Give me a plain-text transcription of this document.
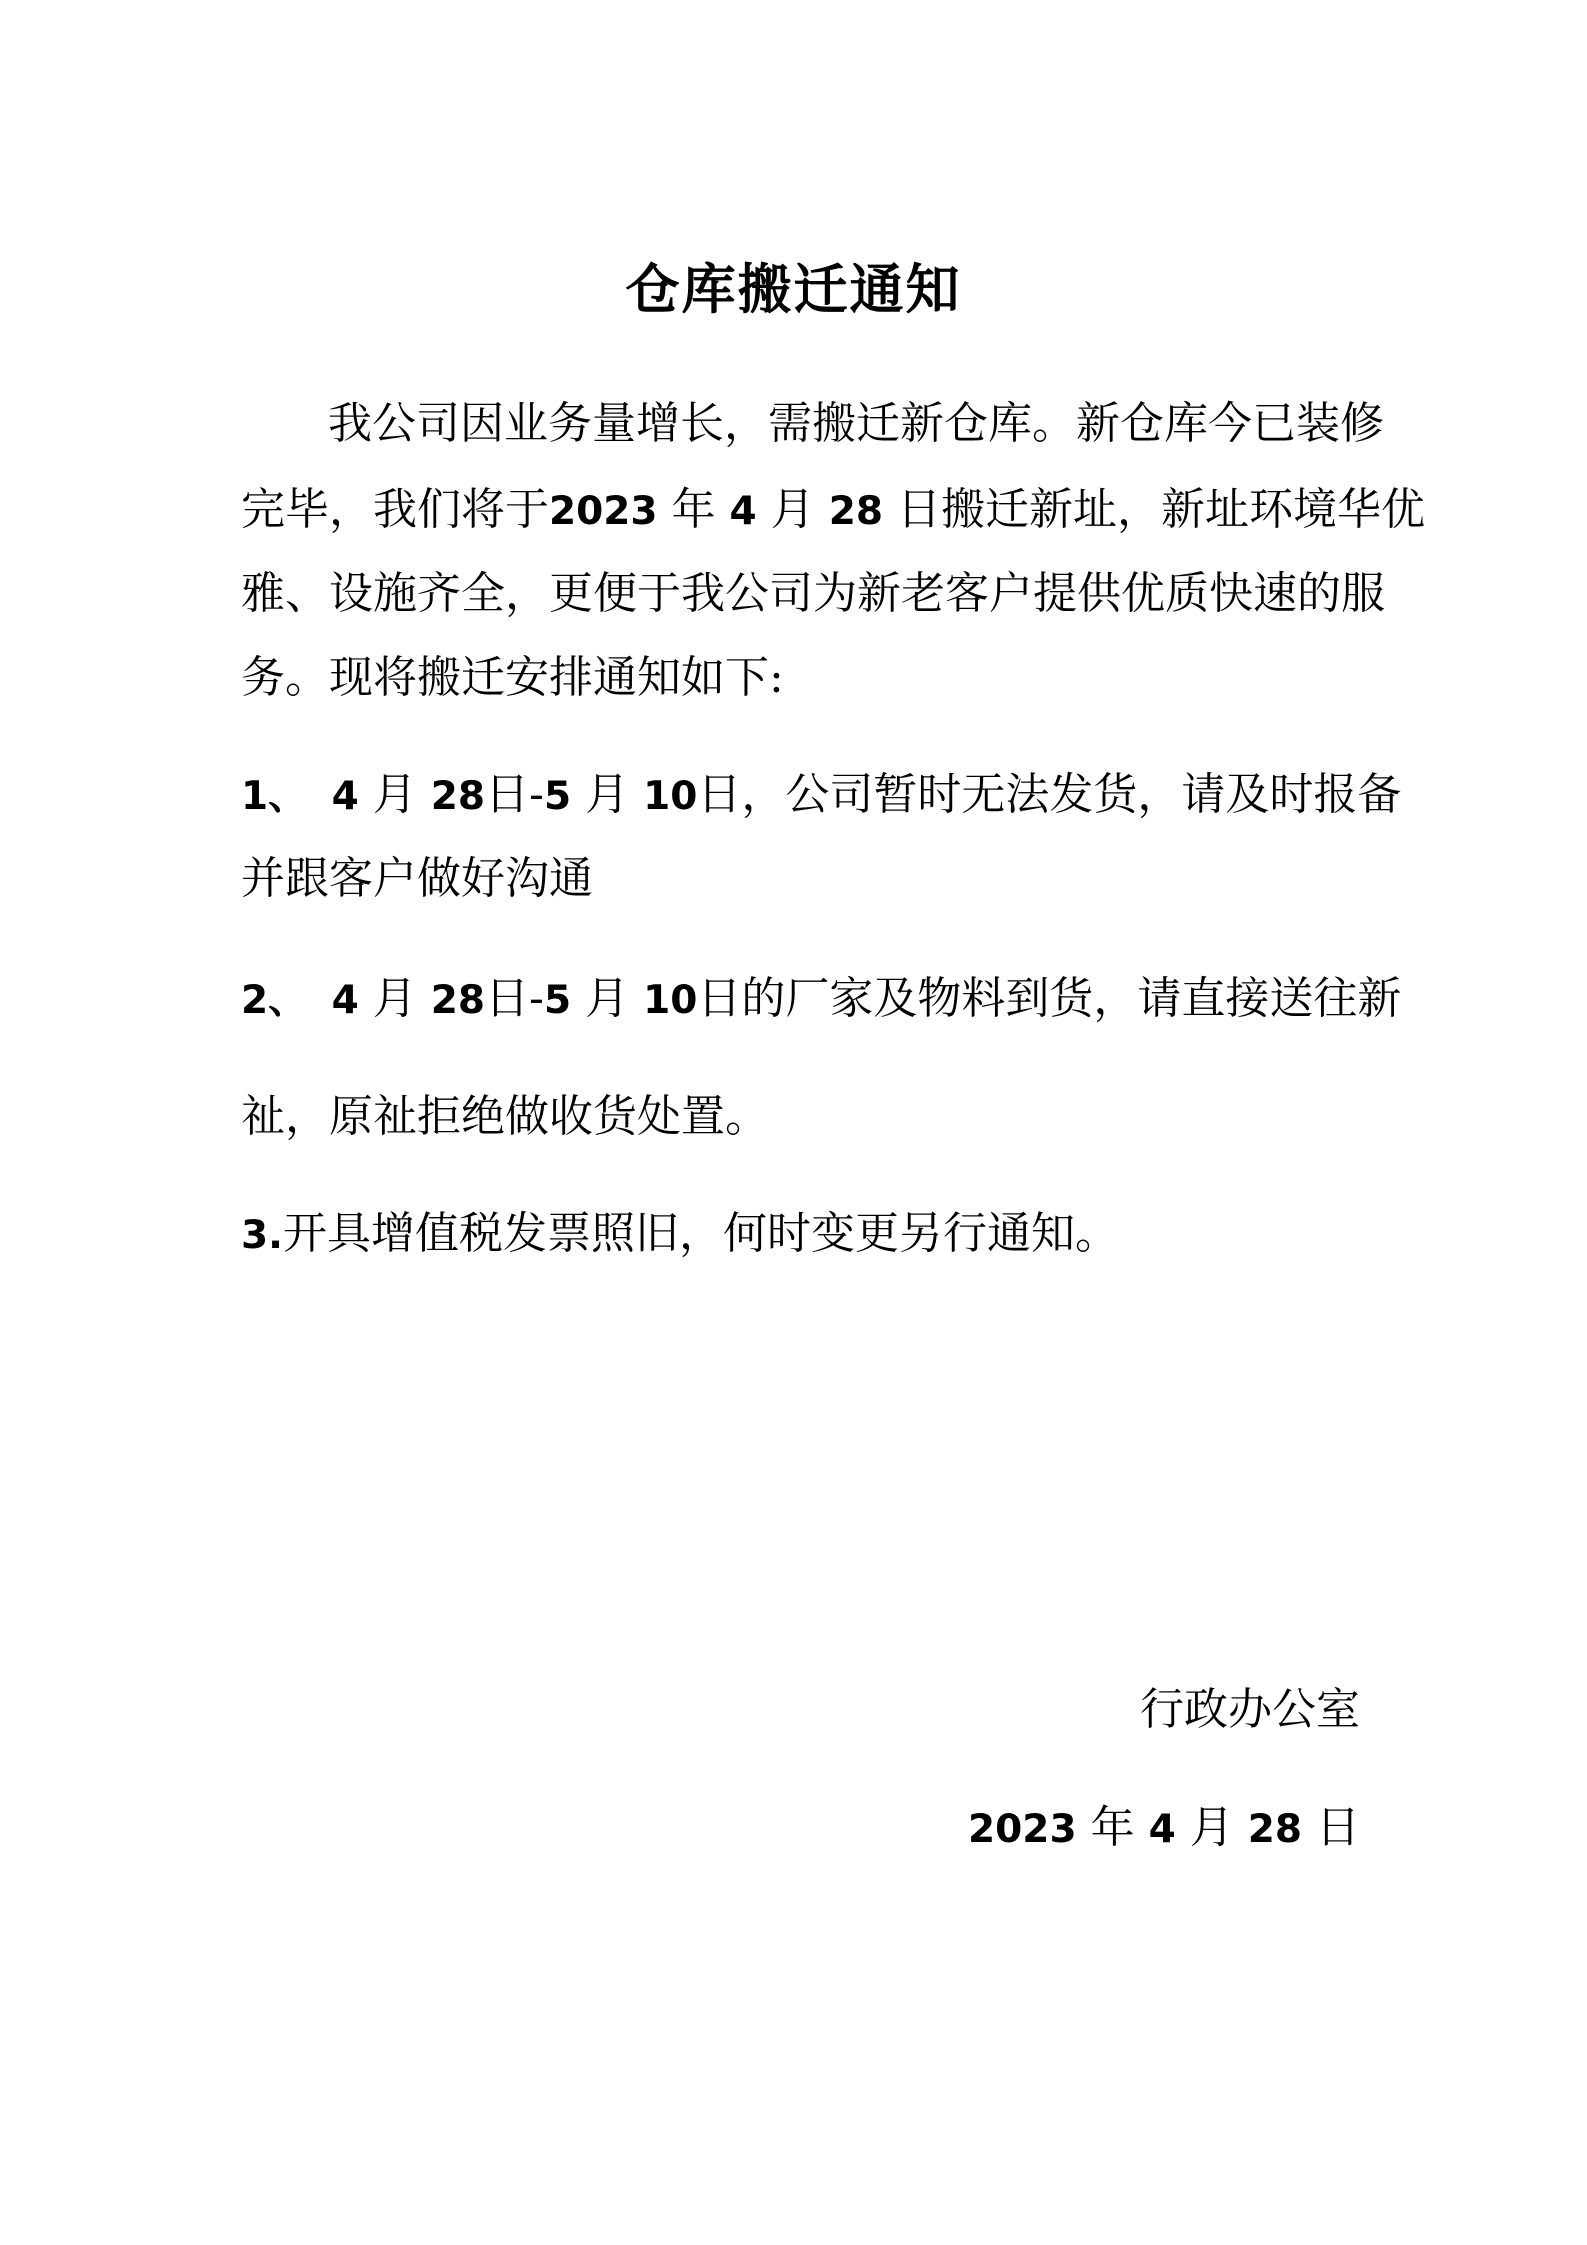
仓库搬迁通知
我公司因业务量增长，需搬迁新仓库。新仓库今已装修
完毕，我们将于2023 年 4 月 28 日搬迁新址，新址环境华优
雅、设施齐全，更便于我公司为新老客户提供优质快速的服
务。现将搬迁安排通知如下:
1、　 4 月 28日-5 月 10日，公司暂时无法发货，请及时报备
并跟客户做好沟通
2、　 4 月 28日-5 月 10日的厂家及物料到货，请直接送往新
祉，原祉拒绝做收货处置。
3.开具增值税发票照旧，何时变更另行通知。
行政办公室
2023 年 4 月 28 日
